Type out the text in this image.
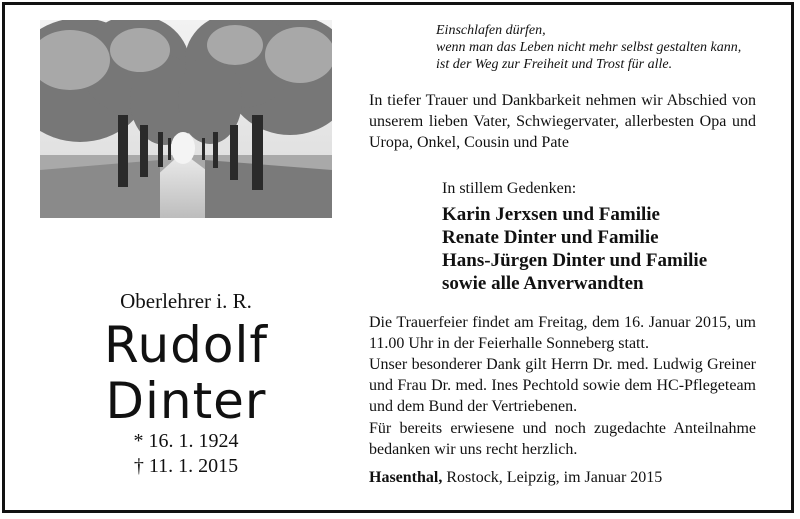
Einschlafen dürfen,
wenn man das Leben nicht mehr selbst gestalten kann,
ist der Weg zur Freiheit und Trost für alle.
In tiefer Trauer und Dankbarkeit nehmen wir Abschied von unserem lieben Vater, Schwiegervater, allerbesten Opa und Uropa, Onkel, Cousin und Pate
Oberlehrer i. R.
Rudolf
Dinter
* 16. 1. 1924
† 11. 1. 2015
In stillem Gedenken:
Karin Jerxsen und Familie
Renate Dinter und Familie
Hans-Jürgen Dinter und Familie
sowie alle Anverwandten
Die Trauerfeier findet am Freitag, dem 16. Januar 2015, um 11.00 Uhr in der Feierhalle Sonneberg statt.
Unser besonderer Dank gilt Herrn Dr. med. Ludwig Greiner und Frau Dr. med. Ines Pechtold sowie dem HC-Pflegeteam und dem Bund der Vertriebenen.
Für bereits erwiesene und noch zugedachte Anteilnahme bedanken wir uns recht herzlich.
Hasenthal, Rostock, Leipzig, im Januar 2015
